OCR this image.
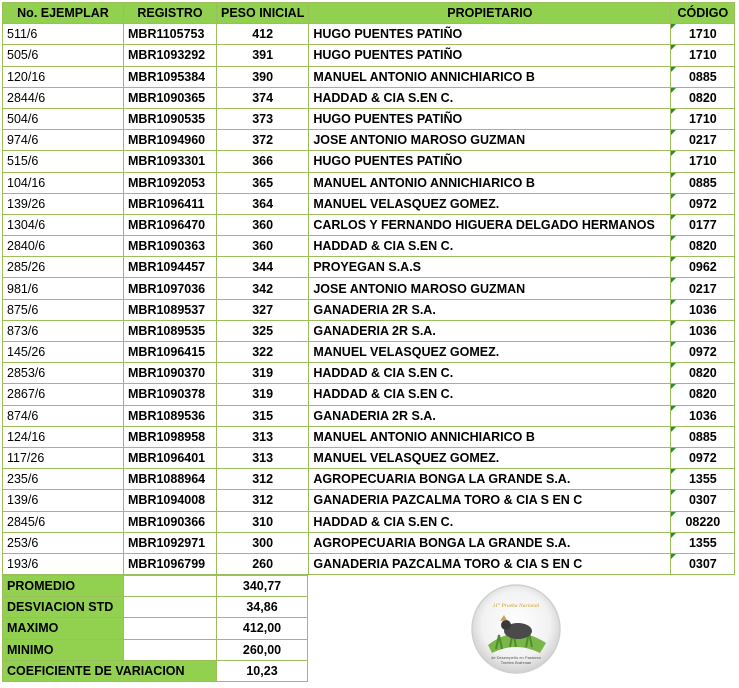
No. EJEMPLAR	REGISTRO	PESO INICIAL	PROPIETARIO	CÓDIGO
511/6	MBR1105753	412	HUGO PUENTES PATIÑO	1710
505/6	MBR1093292	391	HUGO PUENTES PATIÑO	1710
120/16	MBR1095384	390	MANUEL ANTONIO ANNICHIARICO B	0885
2844/6	MBR1090365	374	HADDAD & CIA S.EN C.	0820
504/6	MBR1090535	373	HUGO PUENTES PATIÑO	1710
974/6	MBR1094960	372	JOSE ANTONIO MAROSO GUZMAN	0217
515/6	MBR1093301	366	HUGO PUENTES PATIÑO	1710
104/16	MBR1092053	365	MANUEL ANTONIO ANNICHIARICO B	0885
139/26	MBR1096411	364	MANUEL VELASQUEZ GOMEZ.	0972
1304/6	MBR1096470	360	CARLOS Y FERNANDO HIGUERA DELGADO HERMANOS	0177
2840/6	MBR1090363	360	HADDAD & CIA S.EN C.	0820
285/26	MBR1094457	344	PROYEGAN S.A.S	0962
981/6	MBR1097036	342	JOSE ANTONIO MAROSO GUZMAN	0217
875/6	MBR1089537	327	GANADERIA 2R S.A.	1036
873/6	MBR1089535	325	GANADERIA 2R S.A.	1036
145/26	MBR1096415	322	MANUEL VELASQUEZ GOMEZ.	0972
2853/6	MBR1090370	319	HADDAD & CIA S.EN C.	0820
2867/6	MBR1090378	319	HADDAD & CIA S.EN C.	0820
874/6	MBR1089536	315	GANADERIA 2R S.A.	1036
124/16	MBR1098958	313	MANUEL ANTONIO ANNICHIARICO B	0885
117/26	MBR1096401	313	MANUEL VELASQUEZ GOMEZ.	0972
235/6	MBR1088964	312	AGROPECUARIA BONGA LA GRANDE S.A.	1355
139/6	MBR1094008	312	GANADERIA PAZCALMA TORO & CIA S EN C	0307
2845/6	MBR1090366	310	HADDAD & CIA S.EN C.	08220
253/6	MBR1092971	300	AGROPECUARIA BONGA LA GRANDE S.A.	1355
193/6	MBR1096799	260	GANADERIA PAZCALMA TORO & CIA S EN C	0307
PROMEDIO		340,77
DESVIACION STD		34,86
MAXIMO		412,00
MINIMO		260,00
COEFICIENTE DE VARIACION		10,23
11° Prueba Nacional
de Desempeño en Pastoreo
Toretes Brahman
